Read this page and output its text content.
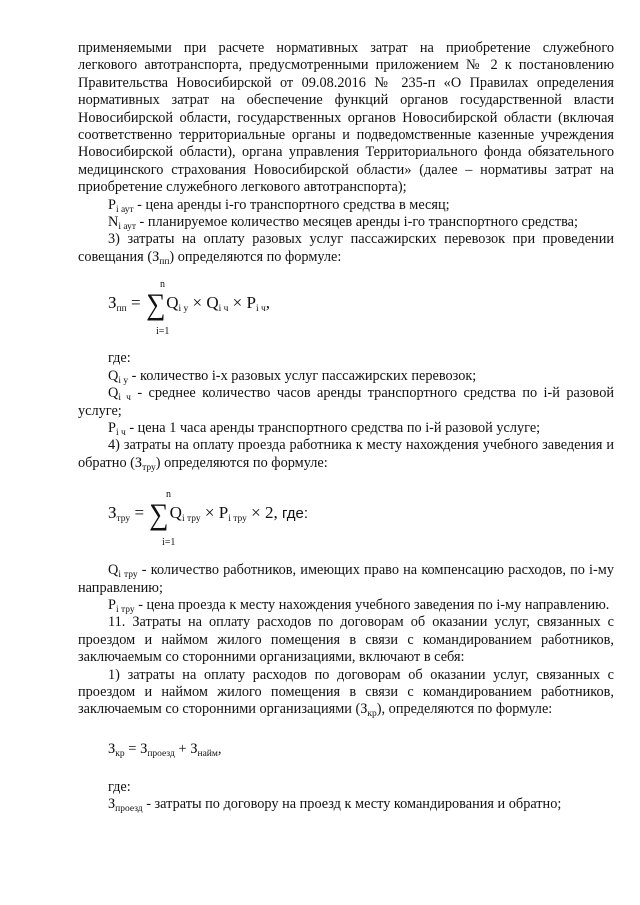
применяемыми при расчете нормативных затрат на приобретение служебного легкового автотранспорта, предусмотренными приложением № 2 к постановлению Правительства Новосибирской от 09.08.2016 № 235-п «О Правилах определения нормативных затрат на обеспечение функций органов государственной власти Новосибирской области, государственных органов Новосибирской области (включая соответственно территориальные органы и подведомственные казенные учреждения Новосибирской области), органа управления Территориального фонда обязательного медицинского страхования Новосибирской области» (далее – нормативы затрат на приобретение служебного легкового автотранспорта);

$P_{i аут}$ - цена аренды i-го транспортного средства в месяц;

$N_{i аут}$ - планируемое количество месяцев аренды i-го транспортного средства;

3) затраты на оплату разовых услуг пассажирских перевозок при проведении совещания $(З_{пп})$ определяются по формуле:

$З_{пп} = \sum Q_{i у} \times Q_{i ч} \times P_{i ч}$,
n
i=1

где:

$Q_{i у}$ - количество i-х разовых услуг пассажирских перевозок;

$Q_{i ч}$ - среднее количество часов аренды транспортного средства по i-й разовой услуге;

$P_{i ч}$ - цена 1 часа аренды транспортного средства по i-й разовой услуге;

4) затраты на оплату проезда работника к месту нахождения учебного заведения и обратно $(З_{тру})$ определяются по формуле:

$З_{тру} = \sum Q_{i тру} \times P_{i тру} \times 2$, где:
n
i=1

$Q_{i тру}$ - количество работников, имеющих право на компенсацию расходов, по i-му направлению;

$P_{i тру}$ - цена проезда к месту нахождения учебного заведения по i-му направлению.

11. Затраты на оплату расходов по договорам об оказании услуг, связанных с проездом и наймом жилого помещения в связи с командированием работников, заключаемым со сторонними организациями, включают в себя:

1) затраты на оплату расходов по договорам об оказании услуг, связанных с проездом и наймом жилого помещения в связи с командированием работников, заключаемым со сторонними организациями $(З_{кр})$, определяются по формуле:

$З_{кр} = З_{проезд} + З_{найм}$,

где:

$З_{проезд}$ - затраты по договору на проезд к месту командирования и обратно;
